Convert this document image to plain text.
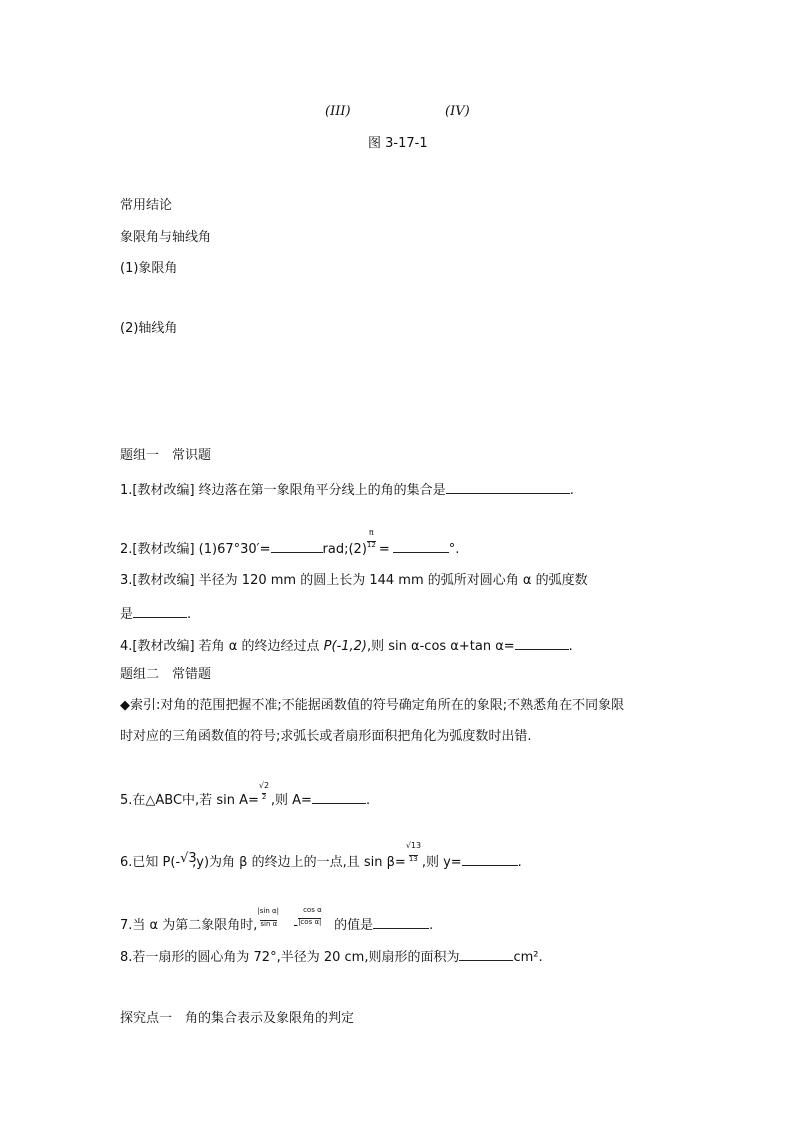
(III)	(IV)
图 3-17-1
常用结论
象限角与轴线角
(1)象限角
(2)轴线角
题组一　常识题
1.[教材改编] 终边落在第一象限角平分线上的角的集合是	.
2.[教材改编] (1)67°30′=	rad;(2)
$\frac{\pi}{12}$
=	°.
3.[教材改编] 半径为 120 mm 的圆上长为 144 mm 的弧所对圆心角 α 的弧度数
是	.
4.[教材改编] 若角 α 的终边经过点 P(-1,2),则 sin α-cos α+tan α=	.
题组二　常错题
◆索引:对角的范围把握不准;不能据函数值的符号确定角所在的象限;不熟悉角在不同象限
时对应的三角函数值的符号;求弧长或者扇形面积把角化为弧度数时出错.
5.在△ABC中,若 sin A=
$\frac{√2}{2}$
,则 A=	.
6.已知 P(- √3
,y)为角 β 的终边上的一点,且 sin β=
$\frac{√13}{13}$
,则 y=	.
7.当 α 为第二象限角时,
$\frac{\text{|sin α|}}{\text{sin α}}$
-
$\frac{\text{cos α}}{\text{|cos α|}}$
的值是	.
8.若一扇形的圆心角为 72°,半径为 20 cm,则扇形的面积为	cm².
探究点一　角的集合表示及象限角的判定
